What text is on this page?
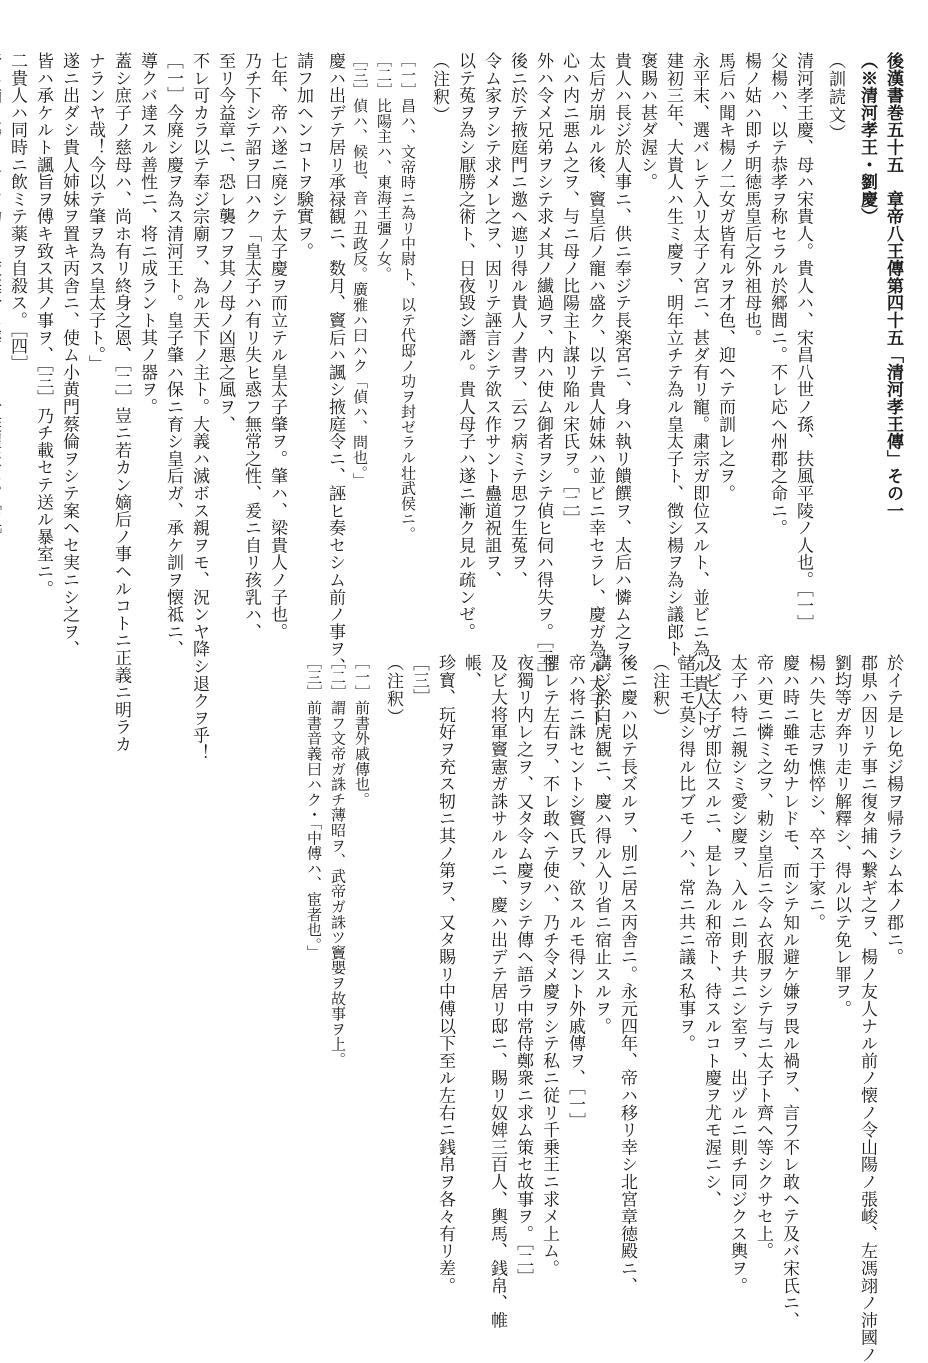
後漢書巻五十五　章帝八王傳第四十五「清河孝王傳」その一
（※清河孝王・劉慶）
（訓読文）
清河孝王慶、母ハ宋貴人。貴人ハ、宋昌八世ノ孫、扶風平陵ノ人也。［一］
父楊ハ、以テ恭孝ヲ称セラル於郷閭ニ。不レ応ヘ州郡之命ニ。
楊ノ姑ハ即チ明徳馬皇后之外祖母也。
馬后ハ聞キ楊ノ二女ガ皆有ルヲ才色、迎ヘテ而訓レ之ヲ。
永平末、選バレテ入リ太子ノ宮ニ、甚ダ有リ寵。粛宗ガ即位スルト、並ビニ為ル貴人ト。
建初三年、大貴人ハ生ミ慶ヲ、明年立チテ為ル皇太子ト、徴シ楊ヲ為シ議郎ト。
褒賜ハ甚ダ渥シ。
貴人ハ長ジ於人事ニ、供ニ奉ジテ長楽宮ニ、身ハ執リ饋饌ヲ、太后ハ憐ム之ヲ。
太后ガ崩ルル後、竇皇后ノ寵ハ盛ク、以テ貴人姉妹ハ並ビニ幸セラレ、慶ガ為ル太子ト、
心ハ内ニ悪ム之ヲ、与ニ母ノ比陽主ト謀リ陥ル宋氏ヲ。［二］
外ハ令メ兄弟ヲシテ求メ其ノ纎過ヲ、内ハ使ム御者ヲシテ偵ヒ伺ハ得失ヲ。［三］
後ニ於テ掖庭門ニ邀ヘ遮リ得ル貴人ノ書ヲ、云フ病ミテ思フ生菟ヲ、
令ム家ヲシテ求メレ之ヲ、因リテ誣言シテ欲ス作サント蠱道祝詛ヲ、
以テ菟ヲ為シ厭勝之術ト、日夜毀シ譖ル。貴人母子ハ遂ニ漸ク見ル疏ンゼ。
（注釈）
［一］昌ハ、文帝時ニ為リ中尉ト、以テ代邸ノ功ヲ封ゼラル壮武侯ニ。
［二］比陽主ハ、東海王彊ノ女。
［三］偵ハ、候也、音ハ丑政反。廣雅ハ曰ハク「偵ハ、問也。」
慶ハ出デテ居リ承禄観ニ、数月、竇后ハ諷シ掖庭令ニ、誣ヒ奏セシム前ノ事ヲ、
請フ加ヘンコトヲ験實ヲ。
七年、帝ハ遂ニ廃シテ太子慶ヲ而立テル皇太子肇ヲ。肇ハ、梁貴人ノ子也。
乃チ下シテ詔ヲ曰ハク「皇太子ハ有リ失ヒ惑フ無常之性、爰ニ自リ孩乳ハ、
至リ今益章ニ、恐レ襲フヲ其ノ母ノ凶悪之風ヲ、
不レ可カラ以テ奉ジ宗廟ヲ、為ル天下ノ主ト。大義ハ滅ボス親ヲモ、況ンヤ降シ退クヲ乎！
［一］今廃シ慶ヲ為ス清河王ト。皇子肇ハ保ニ育シ皇后ガ、承ケ訓ヲ懐祗ニ、
導クバ達スル善性ニ、将ニ成ラント其ノ器ヲ。
蓋シ庶子ノ慈母ハ、尚ホ有リ終身之恩、［二］豈ニ若カン嫡后ノ事ヘルコトニ正義ニ明ラカ
ナランヤ哉！今以テ肇ヲ為ス皇太子ト。」
遂ニ出ダシ貴人姉妹ヲ置キ丙舎ニ、使ム小黄門蔡倫ヲシテ案ヘセ実ニシ之ヲ、
皆ハ承ケルト諷旨ヲ傅キ致ス其ノ事ヲ、［三］乃チ載セテ送ル暴室ニ。
二貴人ハ同時ニ飲ミテ薬ヲ自殺ス。［四］
於イテ是レ免ジ楊ヲ帰ラシム本ノ郡ニ。
郡県ハ因リテ事ニ復タ捕ヘ繋ギ之ヲ、楊ノ友人ナル前ノ懐ノ令山陽ノ張峻、左馮翊ノ沛國ノ
劉均等ガ奔リ走リ解釋シ、得ル以テ免レ罪ヲ。
楊ハ失ヒ志ヲ憔悴シ、卒ス于家ニ。
慶ハ時ニ雖モ幼ナレドモ、而シテ知ル避ケ嫌ヲ畏ル禍ヲ、言フ不レ敢ヘテ及バ宋氏ニ、
帝ハ更ニ憐ミ之ヲ、勅シ皇后ニ令ム衣服ヲシテ与ニ太子ト齊ヘ等シクサセ上。
太子ハ特ニ親シミ愛シ慶ヲ、入ルニ則チ共ニシ室ヲ、出ヅルニ則チ同ジクス輿ヲ。
及ビ太子ガ即位スルニ、是レ為ル和帝ト、待スルコト慶ヲ尤モ渥ニシ、
諸王モ莫シ得ル比ブモノハ、常ニ共ニ議ス私事ヲ。
（注釈）
後ニ慶ハ以テ長ズルヲ、別ニ居ス丙舎ニ。永元四年、帝ハ移リ幸シ北宮章徳殿ニ、
講ジ於白虎観ニ、慶ハ得ル入リ省ニ宿止スルヲ。
帝ハ将ニ誅セントシ竇氏ヲ、欲スルモ得ント外戚傳ヲ、［一］
懼レテ左右ヲ、不レ敢ヘテ使ハ、乃チ令メ慶ヲシテ私ニ従リ千乗王ニ求メ上ム。
夜獨リ内レ之ヲ、又タ令ム慶ヲシテ傳ヘ語ラ中常侍鄭衆ニ求ム策セ故事ヲ。［二］
及ビ大将軍竇憲ガ誅サルルニ、慶ハ出デテ居リ邸ニ、賜リ奴婢三百人、輿馬、銭帛、帷
帳、
珍寳、玩好ヲ充ス牣ニ其ノ第ヲ、又タ賜リ中傅以下至ル左右ニ銭帛ヲ各々有リ差。
［三］
（注釈）
［一］前書外戚傳也。
［二］謂フ文帝ガ誅チ薄昭ヲ、武帝ガ誅ツ竇嬰ヲ故事ヲ上。
［三］前書音義曰ハク・「中傅ハ、宦者也。」
